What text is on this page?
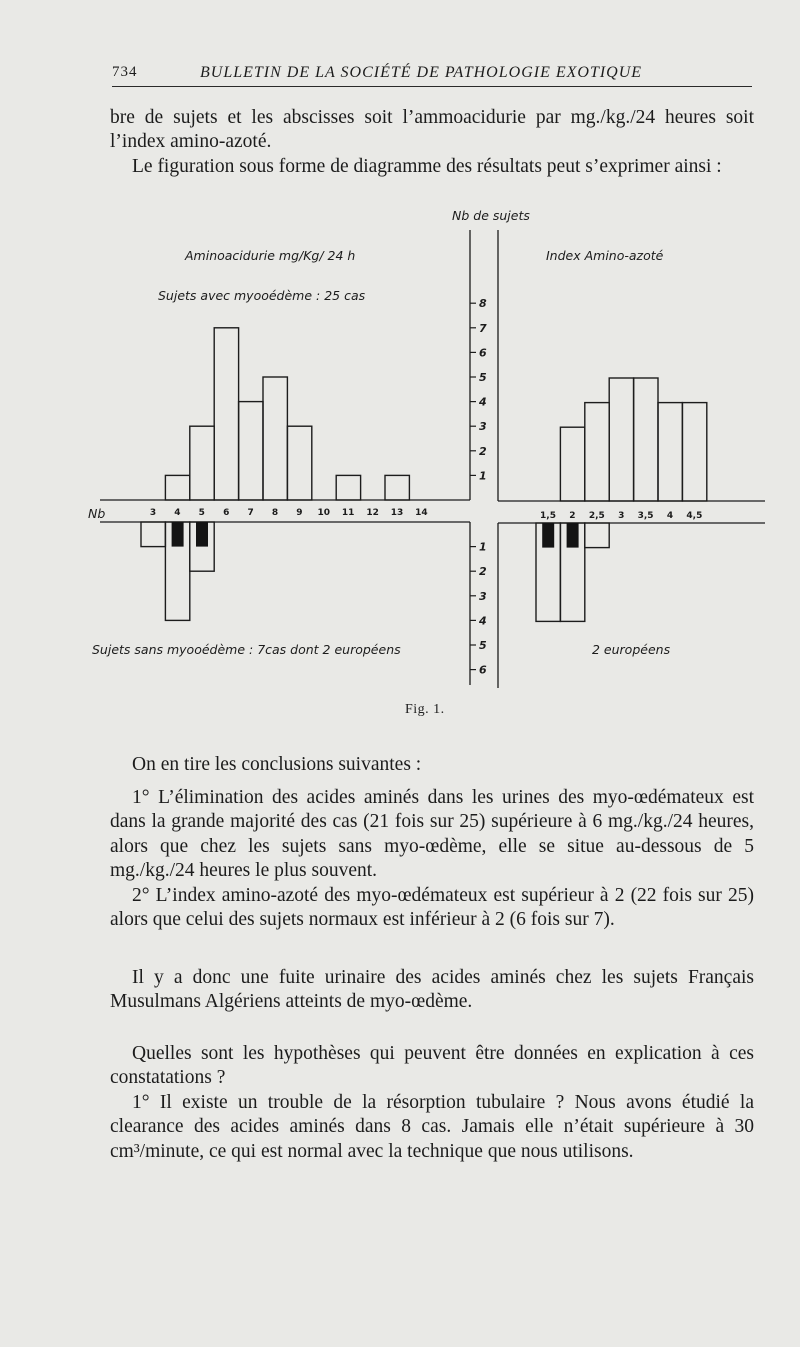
734	BULLETIN DE LA SOCIÉTÉ DE PATHOLOGIE EXOTIQUE

bre de sujets et les abscisses soit l’ammoacidurie par mg./kg./24 heures soit l’index amino-azoté.

Le figuration sous forme de diagramme des résultats peut s’exprimer ainsi :

1
2
3
4
5
6
7
8
1
2
3
4
5
6
3 4 5 6 7 8 9 10 11 12 13 14	1,5 2 2,5 3 3,5 4 4,5
Nb de sujets
Aminoacidurie mg/Kg/ 24 h
Sujets avec myooédème : 25 cas
Index Amino-azoté
Nb
Sujets sans myooédème : 7cas dont 2 européens	2 européens
Fig. 1.

On en tire les conclusions suivantes :

1° L’élimination des acides aminés dans les urines des myo-œdémateux est dans la grande majorité des cas (21 fois sur 25) supérieure à 6 mg./kg./24 heures, alors que chez les sujets sans myo-œdème, elle se situe au-dessous de 5 mg./kg./24 heures le plus souvent.

2° L’index amino-azoté des myo-œdémateux est supérieur à 2 (22 fois sur 25) alors que celui des sujets normaux est inférieur à 2 (6 fois sur 7).

Il y a donc une fuite urinaire des acides aminés chez les sujets Français Musulmans Algériens atteints de myo-œdème.

Quelles sont les hypothèses qui peuvent être données en explication à ces constatations ?

1° Il existe un trouble de la résorption tubulaire ? Nous avons étudié la clearance des acides aminés dans 8 cas. Jamais elle n’était supérieure à 30 cm³/minute, ce qui est normal avec la technique que nous utilisons.
